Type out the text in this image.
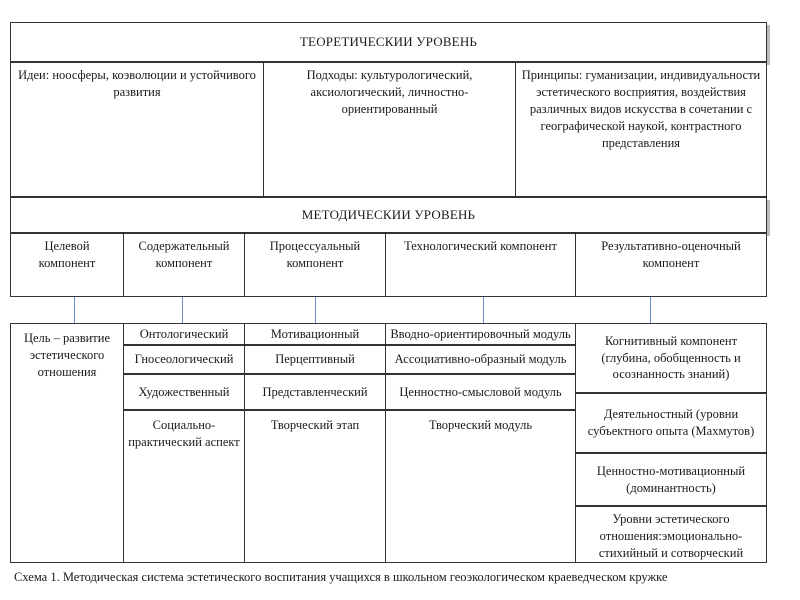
ТЕОРЕТИЧЕСКИИ УРОВЕНЬ
Идеи: ноосферы, коэволюции и устойчивого развития
Подходы: культурологический, аксиологический, личностно-ориентированный
Принципы: гуманизации, индивидуальности эстетического восприятия, воздействия различных видов искусства в сочетании с географической наукой, контрастного представления
МЕТОДИЧЕСКИИ УРОВЕНЬ
Целевой компонент
Содержательный компонент
Процессуальный компонент
Технологический компонент	Результативно-оценочный компонент
Цель – развитие эстетического отношения
Онтологический
Гносеологический
Художественный
Социально-практический аспект
Мотивационный
Перцептивный
Представленческий
Творческий этап
Вводно-ориентировочный модуль
Ассоциативно-образный модуль
Ценностно-смысловой модуль
Творческий модуль
Когнитивный компонент (глубина, обобщенность и осознанность знаний)
Деятельностный (уровни субъектного опыта (Махмутов)
Ценностно-мотивационный (доминантность)
Уровни эстетического отношения:эмоционально-стихийный и сотворческий
Схема 1. Методическая система эстетического воспитания учащихся в школьном геоэкологическом краеведческом кружке
